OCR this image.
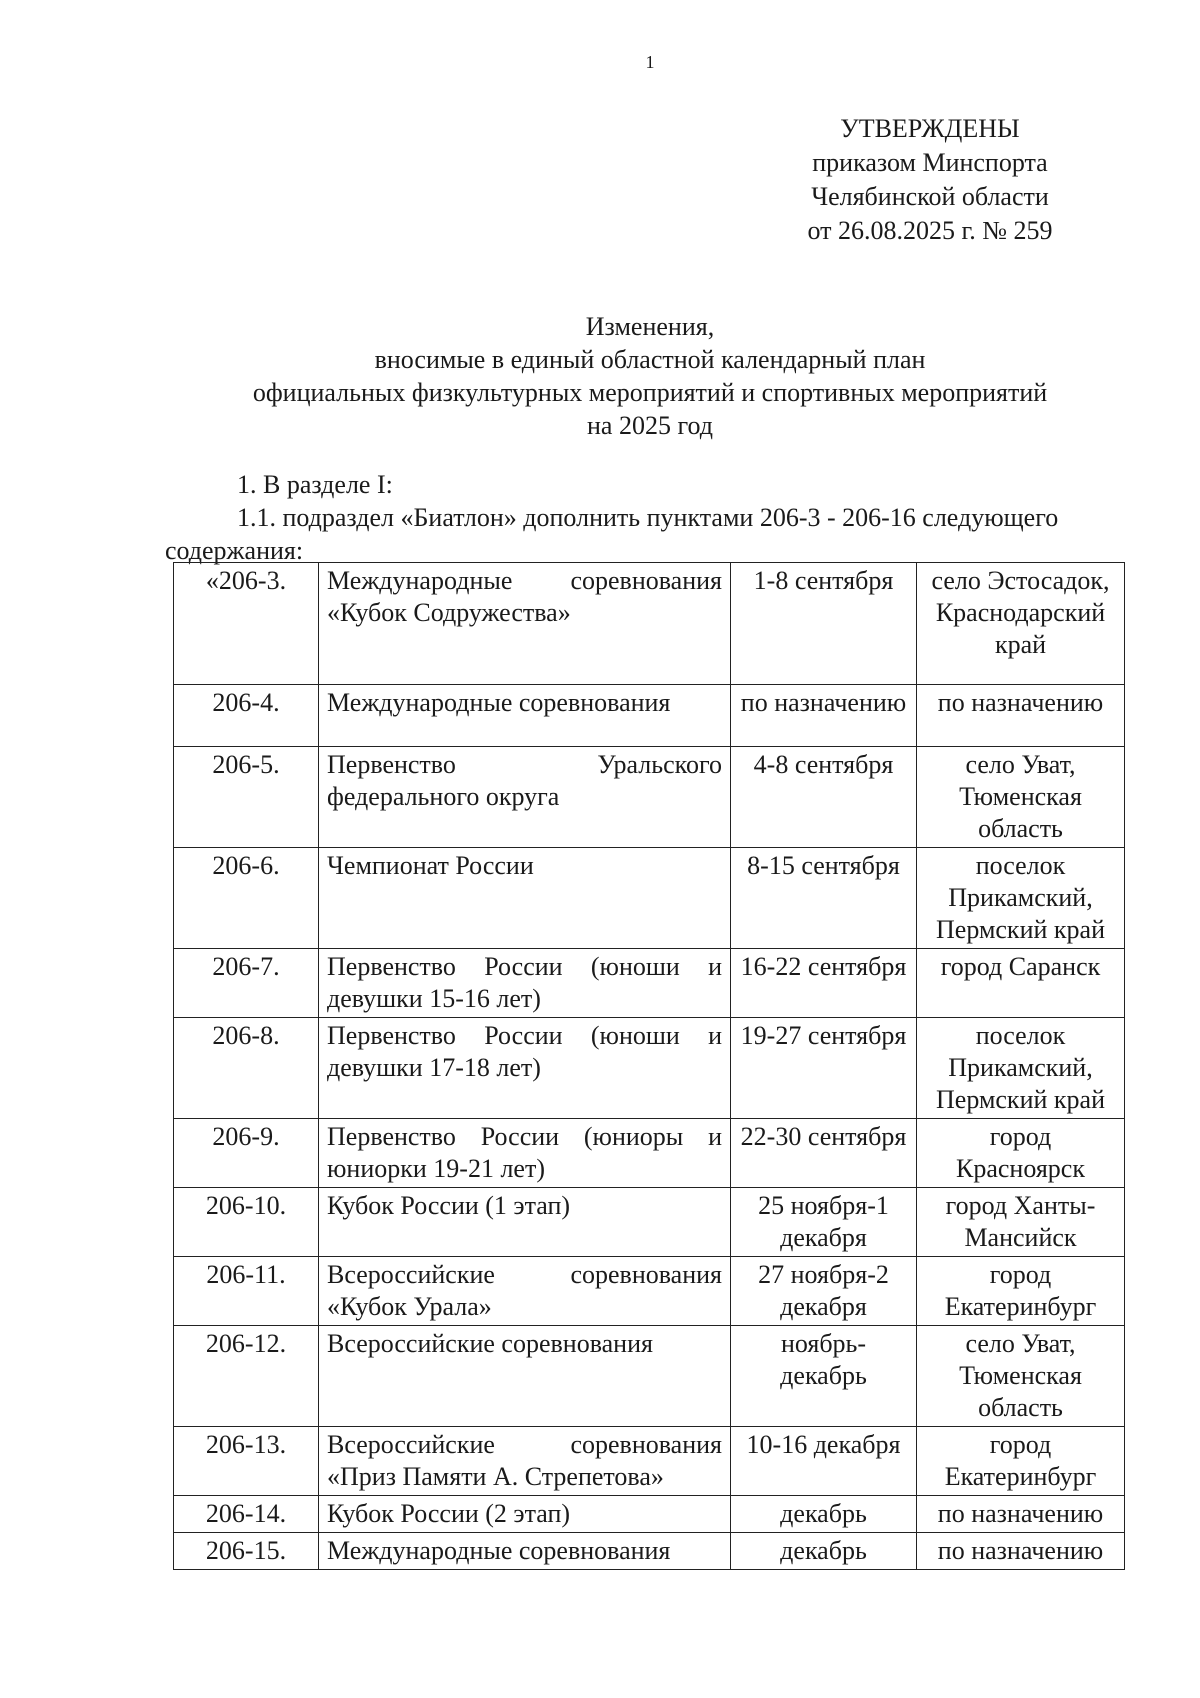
1
УТВЕРЖДЕНЫ
приказом Минспорта
Челябинской области
от 26.08.2025 г. № 259
Изменения,
вносимые в единый областной календарный план
официальных физкультурных мероприятий и спортивных мероприятий
на 2025 год
1. В разделе I:
1.1. подраздел «Биатлон» дополнить пунктами 206-3 - 206-16 следующего содержания:
«206-3.	Международные соревнования «Кубок Содружества»	1-8 сентября	село Эстосадок, Краснодарский край
206-4.	Международные соревнования	по назначению	по назначению
206-5.	Первенство Уральского федерального округа	4-8 сентября	село Уват, Тюменская область
206-6.	Чемпионат России	8-15 сентября	поселок Прикамский, Пермский край
206-7.	Первенство России (юноши и девушки 15-16 лет)	16-22 сентября	город Саранск
206-8.	Первенство России (юноши и девушки 17-18 лет)	19-27 сентября	поселок Прикамский, Пермский край
206-9.	Первенство России (юниоры и юниорки 19-21 лет)	22-30 сентября	город Красноярск
206-10.	Кубок России (1 этап)	25 ноября-1 декабря	город Ханты-Мансийск
206-11.	Всероссийские соревнования «Кубок Урала»	27 ноября-2 декабря	город Екатеринбург
206-12.	Всероссийские соревнования	ноябрь-декабрь	село Уват, Тюменская область
206-13.	Всероссийские соревнования «Приз Памяти А. Стрепетова»	10-16 декабря	город Екатеринбург
206-14.	Кубок России (2 этап)	декабрь	по назначению
206-15.	Международные соревнования	декабрь	по назначению
